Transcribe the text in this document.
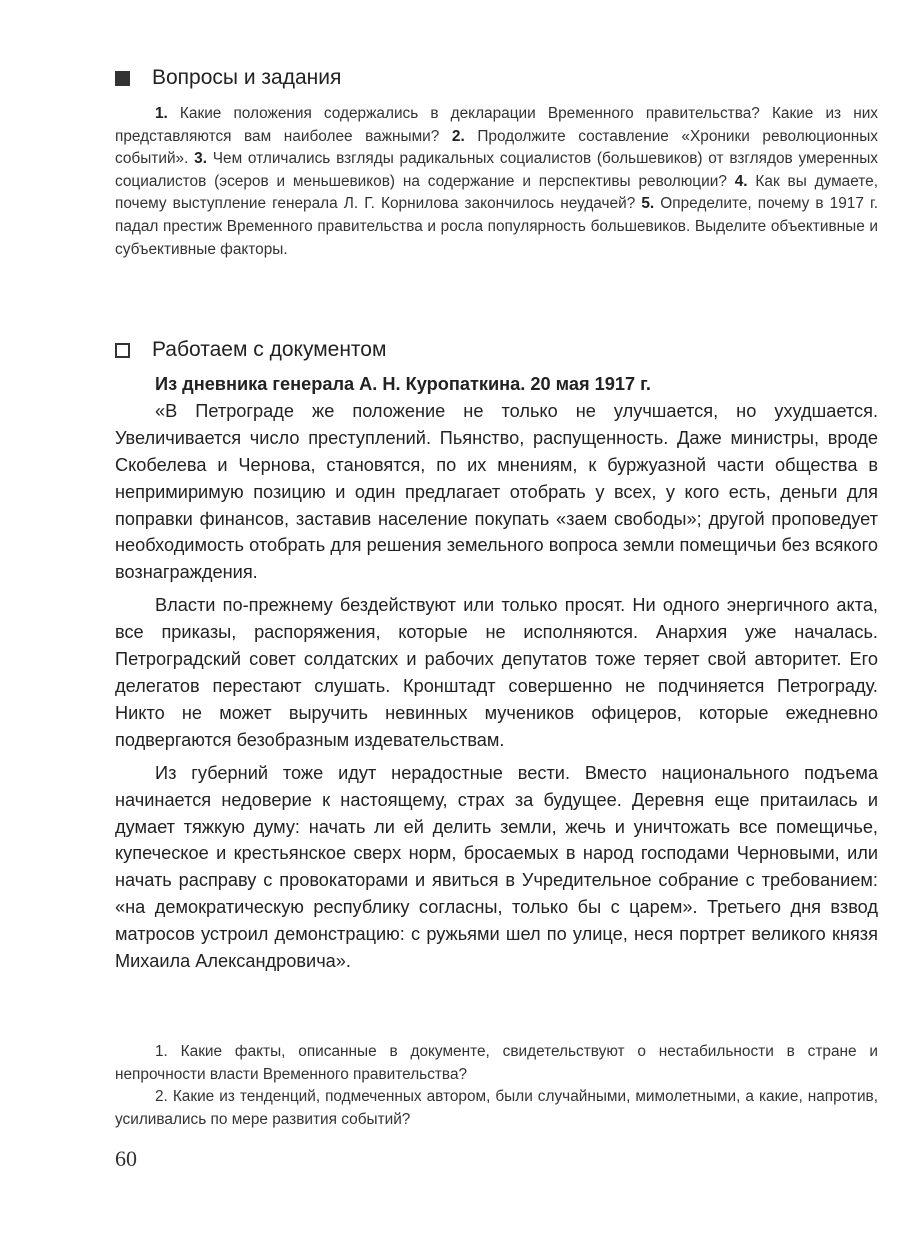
Вопросы и задания

1. Какие положения содержались в декларации Временного правительства? Какие из них представляются вам наиболее важными? 2. Продолжите составление «Хроники революционных событий». 3. Чем отличались взгляды радикальных социалистов (большевиков) от взглядов умеренных социалистов (эсеров и меньшевиков) на содержание и перспективы революции? 4. Как вы думаете, почему выступление генерала Л. Г. Корнилова закончилось неудачей? 5. Определите, почему в 1917 г. падал престиж Временного правительства и росла популярность большевиков. Выделите объективные и субъективные факторы.

Работаем с документом

Из дневника генерала А. Н. Куропаткина. 20 мая 1917 г.

«В Петрограде же положение не только не улучшается, но ухудшается. Увеличивается число преступлений. Пьянство, распущенность. Даже министры, вроде Скобелева и Чернова, становятся, по их мнениям, к буржуазной части общества в непримиримую позицию и один предлагает отобрать у всех, у кого есть, деньги для поправки финансов, заставив население покупать «заем свободы»; другой проповедует необходимость отобрать для решения земельного вопроса земли помещичьи без всякого вознаграждения.

Власти по-прежнему бездействуют или только просят. Ни одного энергичного акта, все приказы, распоряжения, которые не исполняются. Анархия уже началась. Петроградский совет солдатских и рабочих депутатов тоже теряет свой авторитет. Его делегатов перестают слушать. Кронштадт совершенно не подчиняется Петрограду. Никто не может выручить невинных мучеников офицеров, которые ежедневно подвергаются безобразным издевательствам.

Из губерний тоже идут нерадостные вести. Вместо национального подъема начинается недоверие к настоящему, страх за будущее. Деревня еще притаилась и думает тяжкую думу: начать ли ей делить земли, жечь и уничтожать все помещичье, купеческое и крестьянское сверх норм, бросаемых в народ господами Черновыми, или начать расправу с провокаторами и явиться в Учредительное собрание с требованием: «на демократическую республику согласны, только бы с царем». Третьего дня взвод матросов устроил демонстрацию: с ружьями шел по улице, неся портрет великого князя Михаила Александровича».

1. Какие факты, описанные в документе, свидетельствуют о нестабильности в стране и непрочности власти Временного правительства?

2. Какие из тенденций, подмеченных автором, были случайными, мимолетными, а какие, напротив, усиливались по мере развития событий?

60
